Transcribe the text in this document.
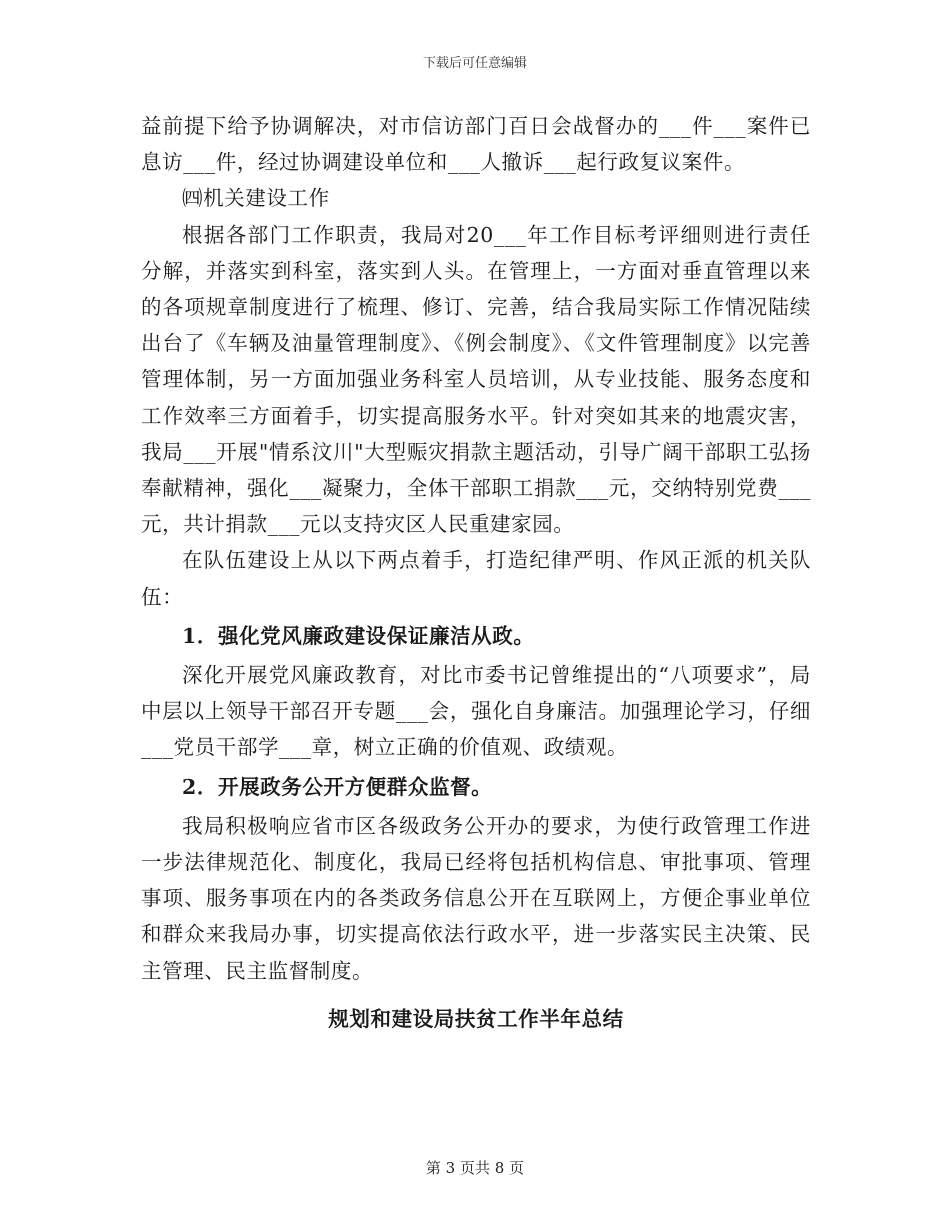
下载后可任意编辑

益前提下给予协调解决，对市信访部门百日会战督办的___件___案件已息访___件，经过协调建设单位和___人撤诉___起行政复议案件。

㈣机关建设工作

根据各部门工作职责，我局对20___年工作目标考评细则进行责任分解，并落实到科室，落实到人头。在管理上，一方面对垂直管理以来的各项规章制度进行了梳理、修订、完善，结合我局实际工作情况陆续出台了《车辆及油量管理制度》、《例会制度》、《文件管理制度》以完善管理体制，另一方面加强业务科室人员培训，从专业技能、服务态度和工作效率三方面着手，切实提高服务水平。针对突如其来的地震灾害，我局___开展"情系汶川"大型赈灾捐款主题活动，引导广阔干部职工弘扬奉献精神，强化___凝聚力，全体干部职工捐款___元，交纳特别党费___元，共计捐款___元以支持灾区人民重建家园。

在队伍建设上从以下两点着手，打造纪律严明、作风正派的机关队伍：

1．强化党风廉政建设保证廉洁从政。

深化开展党风廉政教育，对比市委书记曾维提出的“八项要求”，局中层以上领导干部召开专题___会，强化自身廉洁。加强理论学习，仔细___党员干部学___章，树立正确的价值观、政绩观。

2．开展政务公开方便群众监督。

我局积极响应省市区各级政务公开办的要求，为使行政管理工作进一步法律规范化、制度化，我局已经将包括机构信息、审批事项、管理事项、服务事项在内的各类政务信息公开在互联网上，方便企事业单位和群众来我局办事，切实提高依法行政水平，进一步落实民主决策、民主管理、民主监督制度。

规划和建设局扶贫工作半年总结
第 3 页共 8 页
